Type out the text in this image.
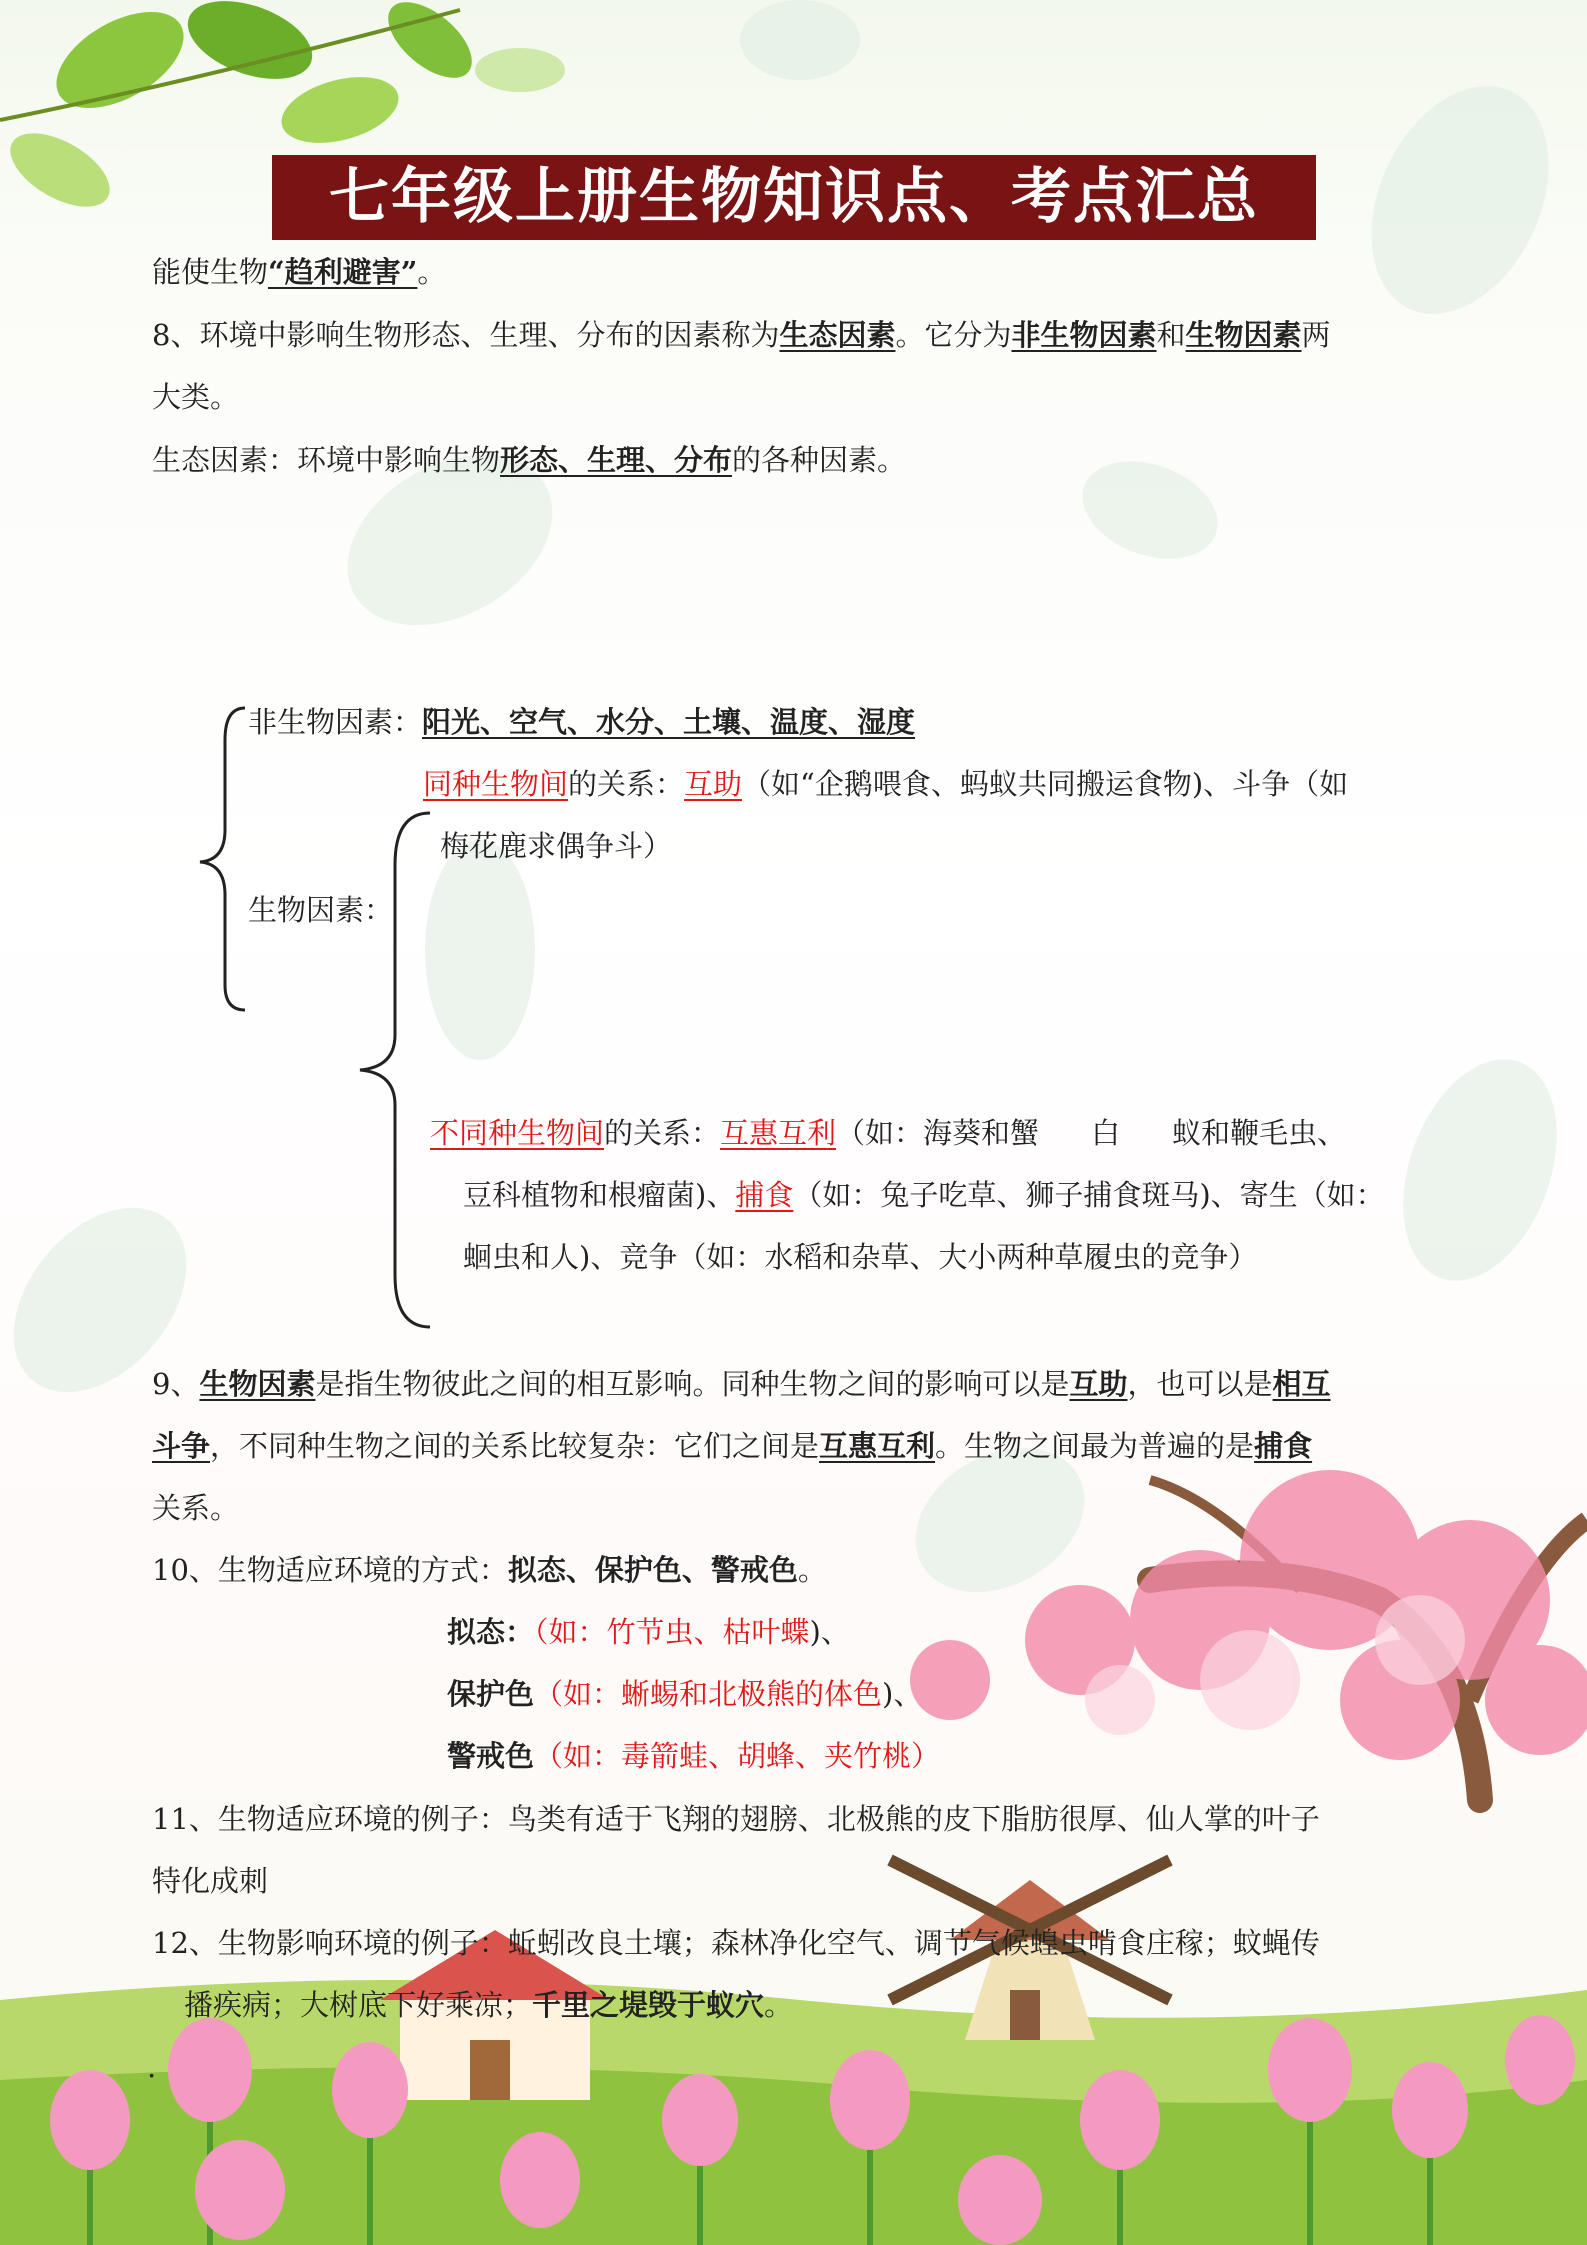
七年级上册生物知识点、考点汇总
能使生物“趋利避害”。
8、环境中影响生物形态、生理、分布的因素称为生态因素。它分为非生物因素和生物因素两
大类。
生态因素：环境中影响生物形态、生理、分布的各种因素。
非生物因素：阳光、空气、水分、土壤、温度、湿度
生物因素：
同种生物间的关系：互助（如“企鹅喂食、蚂蚁共同搬运食物)、斗争（如
梅花鹿求偶争斗）
不同种生物间的关系：互惠互利（如：海葵和蟹 白 蚁和鞭毛虫、
豆科植物和根瘤菌)、捕食（如：兔子吃草、狮子捕食斑马)、寄生（如：
蛔虫和人)、竞争（如：水稻和杂草、大小两种草履虫的竞争）
9、生物因素是指生物彼此之间的相互影响。同种生物之间的影响可以是互助，也可以是相互
斗争，不同种生物之间的关系比较复杂：它们之间是互惠互利。生物之间最为普遍的是捕食
关系。
10、生物适应环境的方式：拟态、保护色、警戒色。
拟态：（如：竹节虫、枯叶蝶)、
保护色（如：蜥蜴和北极熊的体色)、
警戒色（如：毒箭蛙、胡蜂、夹竹桃）
11、生物适应环境的例子：鸟类有适于飞翔的翅膀、北极熊的皮下脂肪很厚、仙人掌的叶子
特化成刺
12、生物影响环境的例子：蚯蚓改良土壤；森林净化空气、调节气候蝗虫啃食庄稼；蚊蝇传
播疾病；大树底下好乘凉；千里之堤毁于蚁穴。
.
